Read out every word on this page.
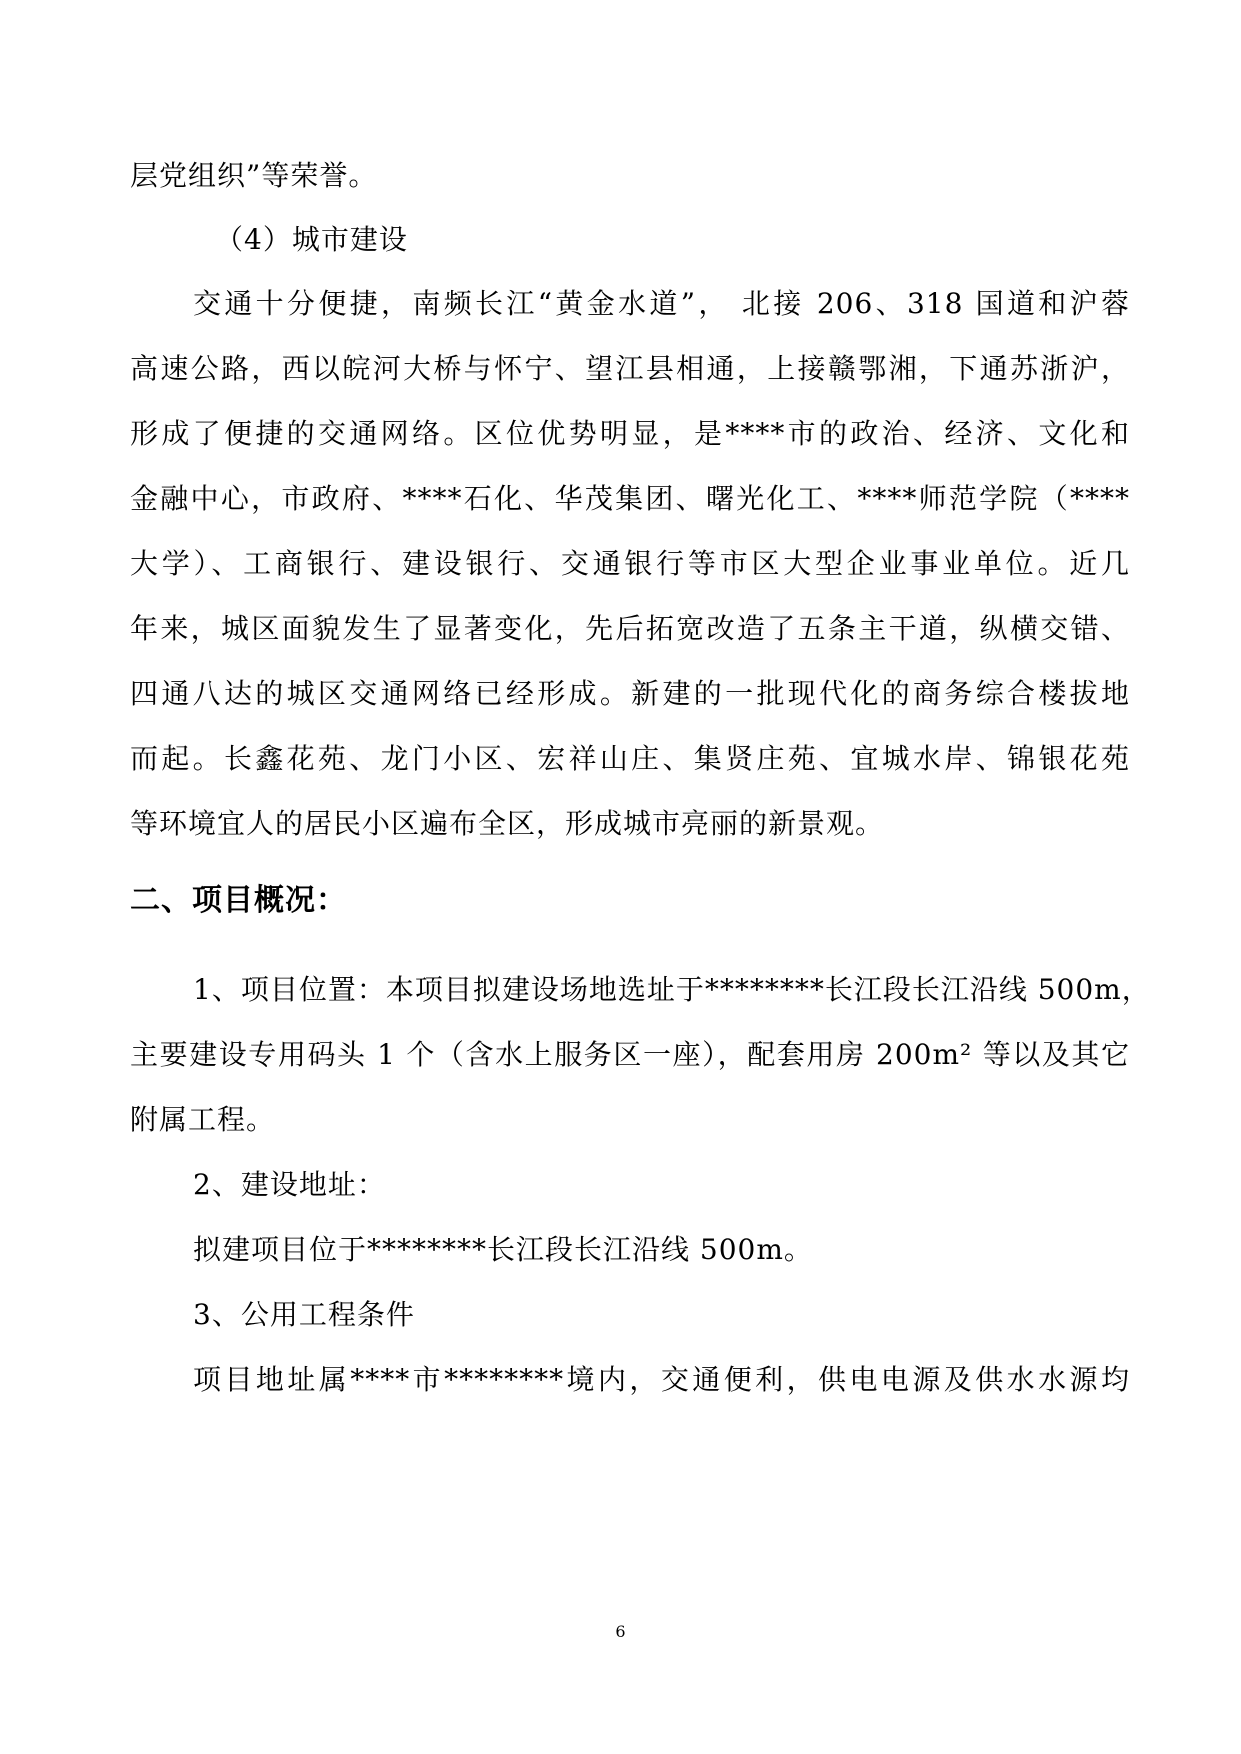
层党组织”等荣誉。
（4）城市建设
交通十分便捷，南频长江“黄金水道”， 北接 206、318 国道和沪蓉
高速公路，西以皖河大桥与怀宁、望江县相通，上接赣鄂湘，下通苏浙沪，
形成了便捷的交通网络。区位优势明显，是****市的政治、经济、文化和
金融中心，市政府、****石化、华茂集团、曙光化工、****师范学院（****
大学）、工商银行、建设银行、交通银行等市区大型企业事业单位。近几
年来，城区面貌发生了显著变化，先后拓宽改造了五条主干道，纵横交错、
四通八达的城区交通网络已经形成。新建的一批现代化的商务综合楼拔地
而起。长鑫花苑、龙门小区、宏祥山庄、集贤庄苑、宜城水岸、锦银花苑
等环境宜人的居民小区遍布全区，形成城市亮丽的新景观。
二、项目概况：
1、项目位置：本项目拟建设场地选址于********长江段长江沿线 500m，
主要建设专用码头 1 个（含水上服务区一座），配套用房 200m² 等以及其它
附属工程。
2、建设地址：
拟建项目位于********长江段长江沿线 500m。
3、公用工程条件
项目地址属****市********境内，交通便利，供电电源及供水水源均
6
